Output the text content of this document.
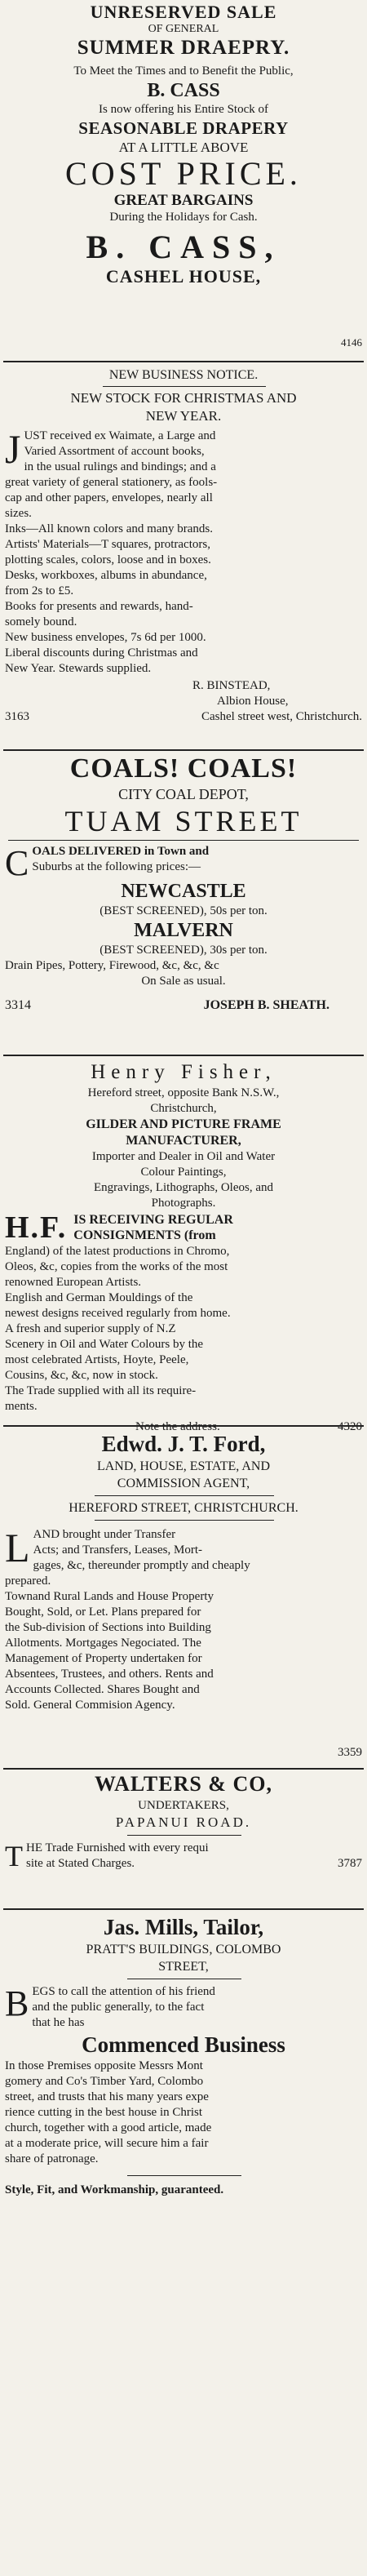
UNRESERVED SALE
OF GENERAL
SUMMER DRAEPRY.
To Meet the Times and to Benefit the Public,
B. CASS
Is now offering his Entire Stock of
SEASONABLE DRAPERY
AT A LITTLE ABOVE
COST PRICE.
GREAT BARGAINS
During the Holidays for Cash.
B. CASS,
CASHEL HOUSE,
4146
NEW BUSINESS NOTICE.
NEW STOCK FOR CHRISTMAS AND
NEW YEAR.
J UST received ex Waimate, a Large and
Varied Assortment of account books,
in the usual rulings and bindings; and a
great variety of general stationery, as fools-
cap and other papers, envelopes, nearly all
sizes.
Inks—All known colors and many brands.
Artists' Materials—T squares, protractors,
plotting scales, colors, loose and in boxes.
Desks, workboxes, albums in abundance,
from 2s to £5.
Books for presents and rewards, hand-
somely bound.
New business envelopes, 7s 6d per 1000.
Liberal discounts during Christmas and
New Year. Stewards supplied.
R. BINSTEAD,
Albion House,
3163	Cashel street west, Christchurch.
COALS! COALS!
CITY COAL DEPOT,
TUAM STREET
C OALS DELIVERED in Town and
Suburbs at the following prices:—
NEWCASTLE
(BEST SCREENED), 50s per ton.
MALVERN
(BEST SCREENED), 30s per ton.
Drain Pipes, Pottery, Firewood, &c, &c, &c
On Sale as usual.
3314	JOSEPH B. SHEATH.
Henry Fisher,
Hereford street, opposite Bank N.S.W.,
Christchurch,
GILDER AND PICTURE FRAME
MANUFACTURER,
Importer and Dealer in Oil and Water
Colour Paintings,
Engravings, Lithographs, Oleos, and
Photographs.
H.F. IS RECEIVING REGULAR
CONSIGNMENTS (from
England) of the latest productions in Chromo,
Oleos, &c, copies from the works of the most
renowned European Artists.
English and German Mouldings of the
newest designs received regularly from home.
A fresh and superior supply of N.Z
Scenery in Oil and Water Colours by the
most celebrated Artists, Hoyte, Peele,
Cousins, &c, &c, now in stock.
The Trade supplied with all its require-
ments.
Note the address.	4320
Edwd. J. T. Ford,
LAND, HOUSE, ESTATE, AND
COMMISSION AGENT,
HEREFORD STREET, CHRISTCHURCH.
L AND brought under Transfer
Acts; and Transfers, Leases, Mort-
gages, &c, thereunder promptly and cheaply
prepared.
Townand Rural Lands and House Property
Bought, Sold, or Let. Plans prepared for
the Sub-division of Sections into Building
Allotments. Mortgages Negociated. The
Management of Property undertaken for
Absentees, Trustees, and others. Rents and
Accounts Collected. Shares Bought and
Sold. General Commision Agency.
3359
WALTERS & CO,
UNDERTAKERS,
PAPANUI ROAD.
T HE Trade Furnished with every requi
site at Stated Charges.	3787
Jas. Mills, Tailor,
PRATT'S BUILDINGS, COLOMBO
STREET,
B EGS to call the attention of his friend
and the public generally, to the fact
that he has
Commenced Business
In those Premises opposite Messrs Mont
gomery and Co's Timber Yard, Colombo
street, and trusts that his many years expe
rience cutting in the best house in Christ
church, together with a good article, made
at a moderate price, will secure him a fair
share of patronage.
Style, Fit, and Workmanship, guaranteed.
